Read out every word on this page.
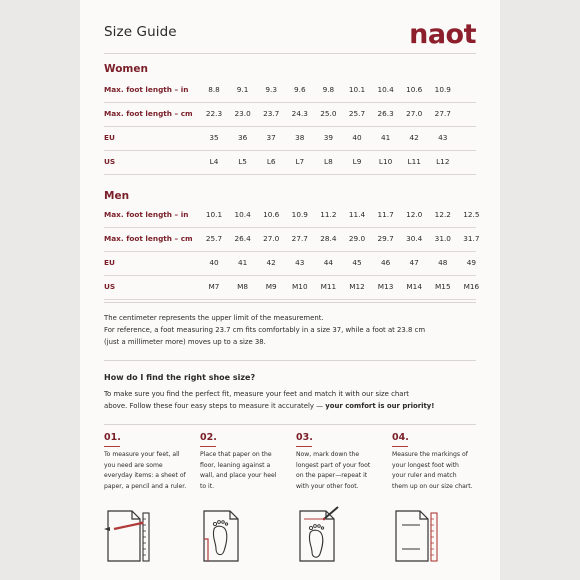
Size Guide	naot
Women
Max. foot length – in	8.8	9.1	9.3	9.6	9.8	10.1	10.4	10.6	10.9
Max. foot length – cm	22.3	23.0	23.7	24.3	25.0	25.7	26.3	27.0	27.7
EU	35	36	37	38	39	40	41	42	43
US	L4	L5	L6	L7	L8	L9	L10	L11	L12
Men
Max. foot length – in	10.1	10.4	10.6	10.9	11.2	11.4	11.7	12.0	12.2	12.5
Max. foot length – cm	25.7	26.4	27.0	27.7	28.4	29.0	29.7	30.4	31.0	31.7
EU	40	41	42	43	44	45	46	47	48	49
US	M7	M8	M9	M10	M11	M12	M13	M14	M15	M16
The centimeter represents the upper limit of the measurement.
For reference, a foot measuring 23.7 cm fits comfortably in a size 37, while a foot at 23.8 cm
(just a millimeter more) moves up to a size 38.
How do I find the right shoe size?
To make sure you find the perfect fit, measure your feet and match it with our size chart
above. Follow these four easy steps to measure it accurately — your comfort is our priority!
01.
To measure your feet, all
you need are some
everyday items: a sheet of
paper, a pencil and a ruler.
02.
Place that paper on the
floor, leaning against a
wall, and place your heel
to it.
03.
Now, mark down the
longest part of your foot
on the paper—repeat it
with your other foot.
04.
Measure the markings of
your longest foot with
your ruler and match
them up on our size chart.
